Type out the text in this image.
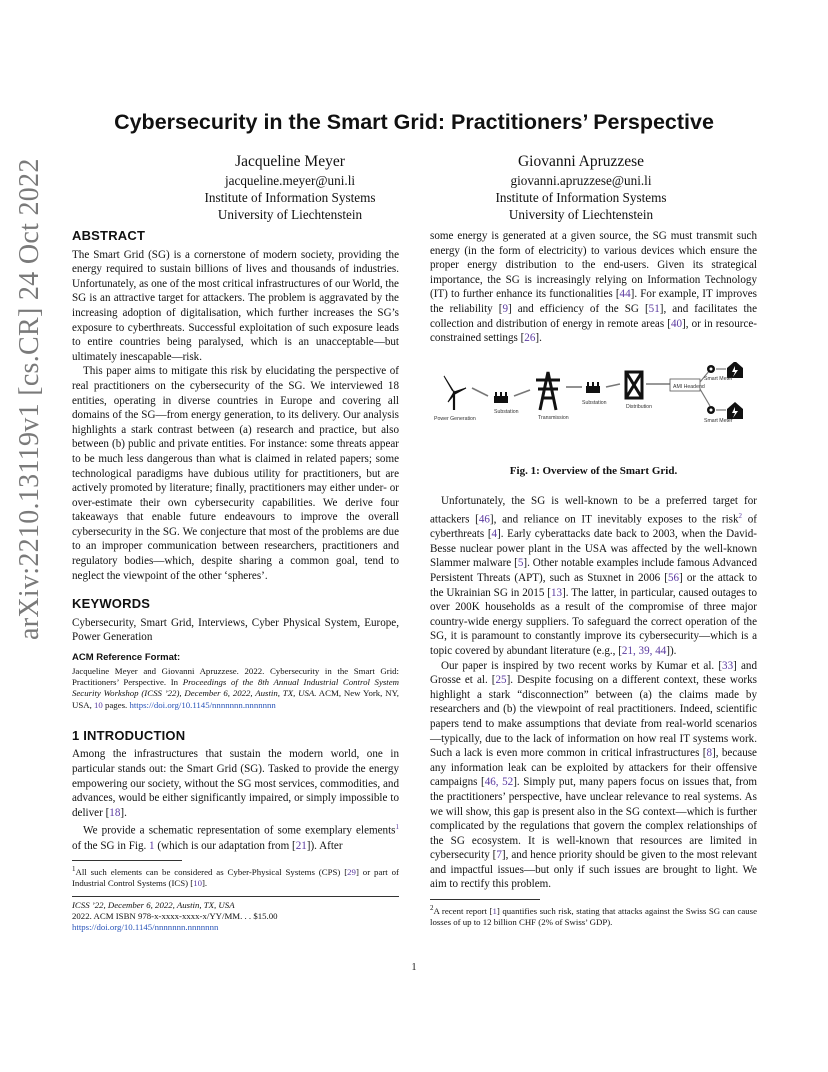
arXiv:2210.13119v1 [cs.CR] 24 Oct 2022
Cybersecurity in the Smart Grid: Practitioners’ Perspective
Jacqueline Meyer
jacqueline.meyer@uni.li
Institute of Information Systems
University of Liechtenstein
Giovanni Apruzzese
giovanni.apruzzese@uni.li
Institute of Information Systems
University of Liechtenstein
ABSTRACT

The Smart Grid (SG) is a cornerstone of modern society, providing the energy required to sustain billions of lives and thousands of industries. Unfortunately, as one of the most critical infrastructures of our World, the SG is an attractive target for attackers. The problem is aggravated by the increasing adoption of digitalisation, which further increases the SG’s exposure to cyberthreats. Successful exploitation of such exposure leads to entire countries being paralysed, which is an unacceptable—but ultimately inescapable—risk.

This paper aims to mitigate this risk by elucidating the perspective of real practitioners on the cybersecurity of the SG. We interviewed 18 entities, operating in diverse countries in Europe and covering all domains of the SG—from energy generation, to its delivery. Our analysis highlights a stark contrast between (a) research and practice, but also between (b) public and private entities. For instance: some threats appear to be much less dangerous than what is claimed in related papers; some technological paradigms have dubious utility for practitioners, but are actively promoted by literature; finally, practitioners may either under- or over-estimate their own cybersecurity capabilities. We derive four takeaways that enable future endeavours to improve the overall cybersecurity in the SG. We conjecture that most of the problems are due to an improper communication between researchers, practitioners and regulatory bodies—which, despite sharing a common goal, tend to neglect the viewpoint of the other ‘spheres’.

KEYWORDS

Cybersecurity, Smart Grid, Interviews, Cyber Physical System, Europe, Power Generation

ACM Reference Format:

Jacqueline Meyer and Giovanni Apruzzese. 2022. Cybersecurity in the Smart Grid: Practitioners’ Perspective. In Proceedings of the 8th Annual Industrial Control System Security Workshop (ICSS ’22), December 6, 2022, Austin, TX, USA. ACM, New York, NY, USA, 10 pages. https://doi.org/10.1145/nnnnnnn.nnnnnnn

1 INTRODUCTION

Among the infrastructures that sustain the modern world, one in particular stands out: the Smart Grid (SG). Tasked to provide the energy empowering our society, without the SG most services, commodities, and advances, would be either significantly impaired, or simply impossible to deliver [18].

We provide a schematic representation of some exemplary elements$^1$ of the SG in Fig. 1 (which is our adaptation from [21]). After

$^1$All such elements can be considered as Cyber-Physical Systems (CPS) [29] or part of Industrial Control Systems (ICS) [10].

ICSS ’22, December 6, 2022, Austin, TX, USA
2022. ACM ISBN 978-x-xxxx-xxxx-x/YY/MM. . . $15.00
https://doi.org/10.1145/nnnnnnn.nnnnnnn

some energy is generated at a given source, the SG must transmit such energy (in the form of electricity) to various devices which ensure the proper energy distribution to the end-users. Given its strategical importance, the SG is increasingly relying on Information Technology (IT) to further enhance its functionalities [44]. For example, IT improves the reliability [9] and efficiency of the SG [51], and facilitates the collection and distribution of energy in remote areas [40], or in resource-constrained settings [26].

Power Generation
Substation
Transmission
Substation
Distribution
AMI Headend
Smart Meter
Smart Meter
Fig. 1: Overview of the Smart Grid.

Unfortunately, the SG is well-known to be a preferred target for attackers [46], and reliance on IT inevitably exposes to the risk$^2$ of cyberthreats [4]. Early cyberattacks date back to 2003, when the David-Besse nuclear power plant in the USA was affected by the well-known Slammer malware [5]. Other notable examples include famous Advanced Persistent Threats (APT), such as Stuxnet in 2006 [56] or the attack to the Ukrainian SG in 2015 [13]. The latter, in particular, caused outages to over 200K households as a result of the compromise of three major country-wide energy suppliers. To safeguard the correct operation of the SG, it is paramount to constantly improve its cybersecurity—which is a topic covered by abundant literature (e.g., [21, 39, 44]).

Our paper is inspired by two recent works by Kumar et al. [33] and Grosse et al. [25]. Despite focusing on a different context, these works highlight a stark “disconnection” between (a) the claims made by researchers and (b) the viewpoint of real practitioners. Indeed, scientific papers tend to make assumptions that deviate from real-world scenarios—typically, due to the lack of information on how real IT systems work. Such a lack is even more common in critical infrastructures [8], because any information leak can be exploited by attackers for their offensive campaigns [46, 52]. Simply put, many papers focus on issues that, from the practitioners’ perspective, have unclear relevance to real systems. As we will show, this gap is present also in the SG context—which is further complicated by the regulations that govern the complex relationships of the SG ecosystem. It is well-known that resources are limited in cybersecurity [7], and hence priority should be given to the most relevant and impactful issues—but only if such issues are brought to light. We aim to rectify this problem.

$^2$A recent report [1] quantifies such risk, stating that attacks against the Swiss SG can cause losses of up to 12 billion CHF (2% of Swiss’ GDP).

1
